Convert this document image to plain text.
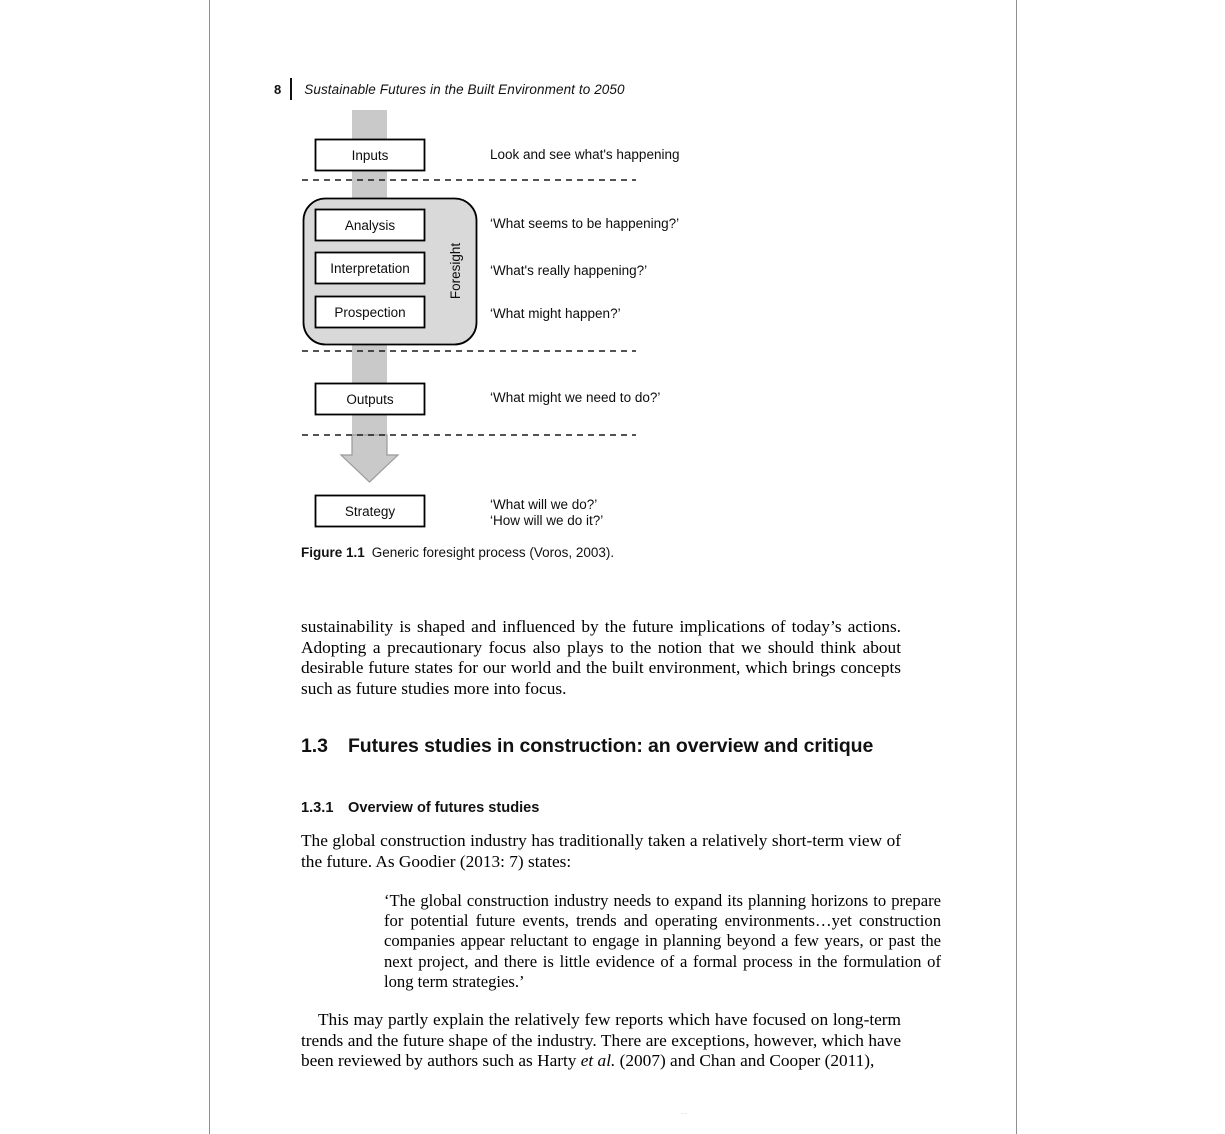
8 Sustainable Futures in the Built Environment to 2050
Inputs
Analysis
Interpretation
Prospection
Outputs
Strategy
Foresight
Look and see what's happening
‘What seems to be happening?’
‘What's really happening?’
‘What might happen?’
‘What might we need to do?’
‘What will we do?’
‘How will we do it?’
Figure 1.1 Generic foresight process (Voros, 2003).

sustainability is shaped and influenced by the future implications of today’s actions. Adopting a precautionary focus also plays to the notion that we should think about desirable future states for our world and the built environment, which brings concepts such as future studies more into focus.

1.3 Futures studies in construction: an overview and critique
1.3.1 Overview of futures studies

The global construction industry has traditionally taken a relatively short-term view of the future. As Goodier (2013: 7) states:

‘The global construction industry needs to expand its planning horizons to prepare for potential future events, trends and operating environments…yet construction companies appear reluctant to engage in planning beyond a few years, or past the next project, and there is little evidence of a formal process in the formulation of long term strategies.’

This may partly explain the relatively few reports which have focused on long-term trends and the future shape of the industry. There are exceptions, however, which have been reviewed by authors such as Harty et al. (2007) and Chan and Cooper (2011),

--
